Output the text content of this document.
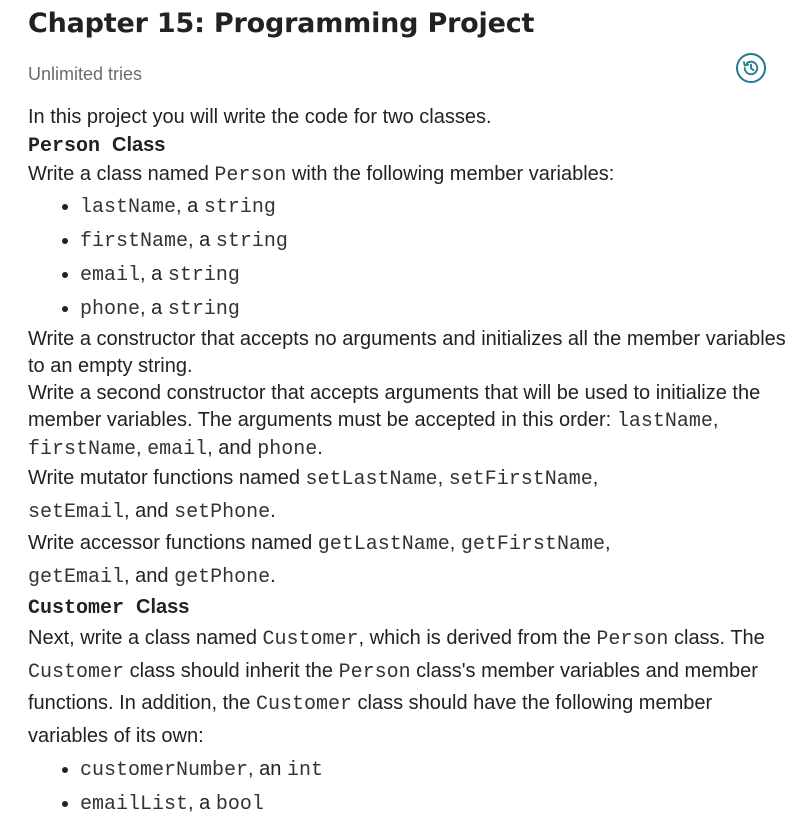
Chapter 15: Programming Project
Unlimited tries

In this project you will write the code for two classes.

Person Class

Write a class named Person with the following member variables:

• lastName, a string
• firstName, a string
• email, a string
• phone, a string

Write a constructor that accepts no arguments and initializes all the member variables to an empty string.

Write a second constructor that accepts arguments that will be used to initialize the member variables. The arguments must be accepted in this order: lastName, firstName, email, and phone.

Write mutator functions named setLastName, setFirstName,
setEmail, and setPhone.

Write accessor functions named getLastName, getFirstName,
getEmail, and getPhone.

Customer Class

Next, write a class named Customer, which is derived from the Person class. The Customer class should inherit the Person class's member variables and member functions. In addition, the Customer class should have the following member variables of its own:

• customerNumber, an int
• emailList, a bool
